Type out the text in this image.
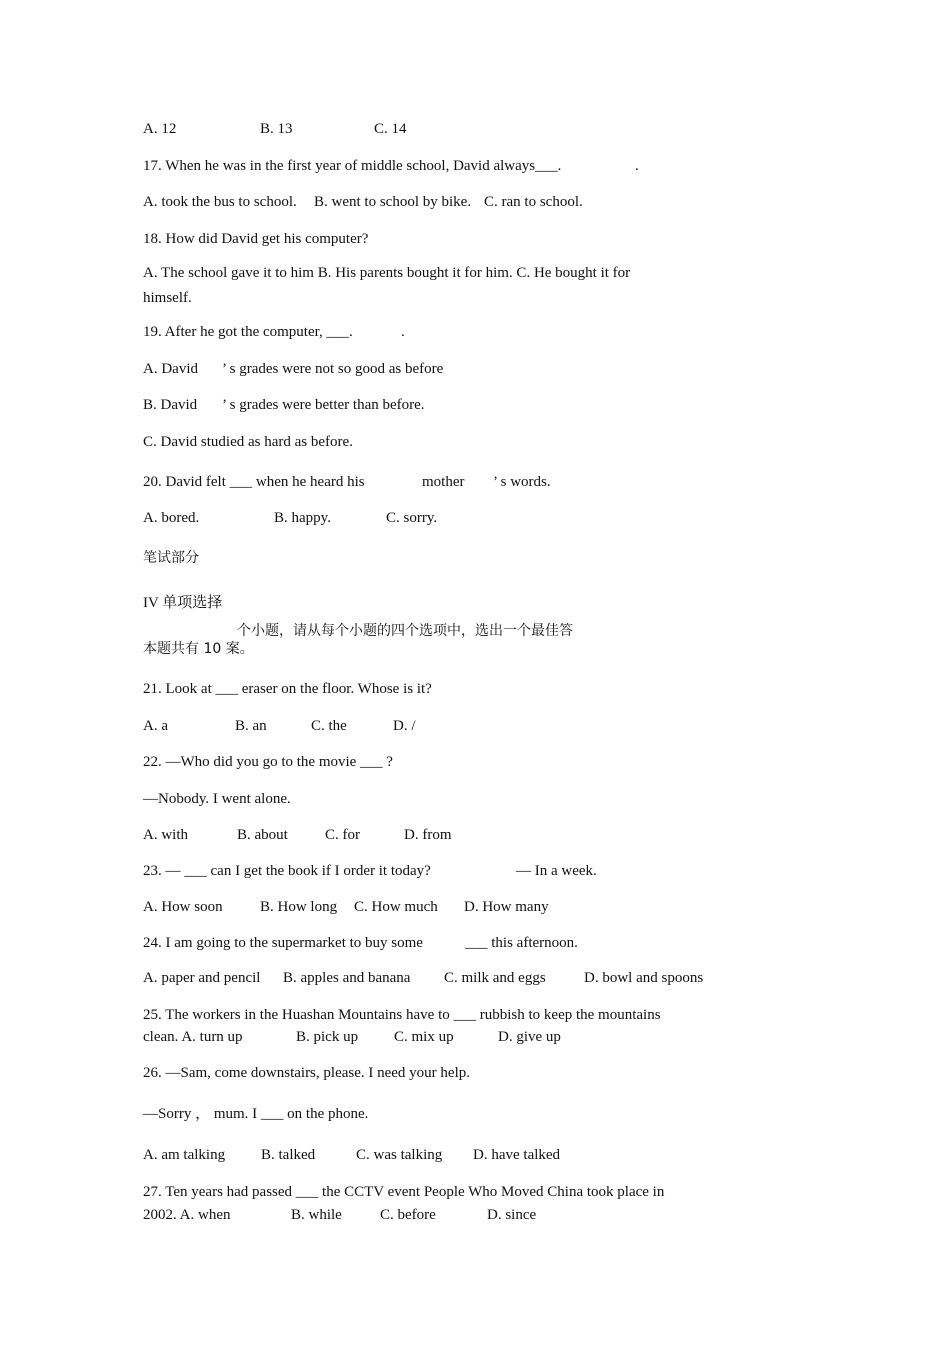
A. 12	B. 13	C. 14
17. When he was in the first year of middle school, David always___.	.
A. took the bus to school. B. went to school by bike. C. ran to school.
18. How did David get his computer?
A. The school gave it to him B. His parents bought it for him. C. He bought it for
himself.
19. After he got the computer, ___.	.
A. David ’ s grades were not so good as before
B. David ’ s grades were better than before.
C. David studied as hard as before.
20. David felt ___ when he heard his	mother ’ s words.
A. bored.	B. happy.	C. sorry.
笔试部分
IV 单项选择
个小题，请从每个小题的四个选项中，选出一个最佳答
本题共有 10 案。
21. Look at ___ eraser on the floor. Whose is it?
A. a	B. an	C. the	D. /
22. —Who did you go to the movie ___ ?
—Nobody. I went alone.
A. with	B. about C. for	D. from
23. — ___ can I get the book if I order it today?	— In a week.
A. How soon B. How long C. How much D. How many
24. I am going to the supermarket to buy some	___ this afternoon.
A. paper and pencil B. apples and banana C. milk and eggs	D. bowl and spoons
25. The workers in the Huashan Mountains have to ___ rubbish to keep the mountains
clean. A. turn up	B. pick up C. mix up	D. give up
26. —Sam, come downstairs, please. I need your help.
—Sorry ， mum. I ___ on the phone.
A. am talking B. talked	C. was talking D. have talked
27. Ten years had passed ___ the CCTV event People Who Moved China took place in
2002. A. when	B. while	C. before	D. since
